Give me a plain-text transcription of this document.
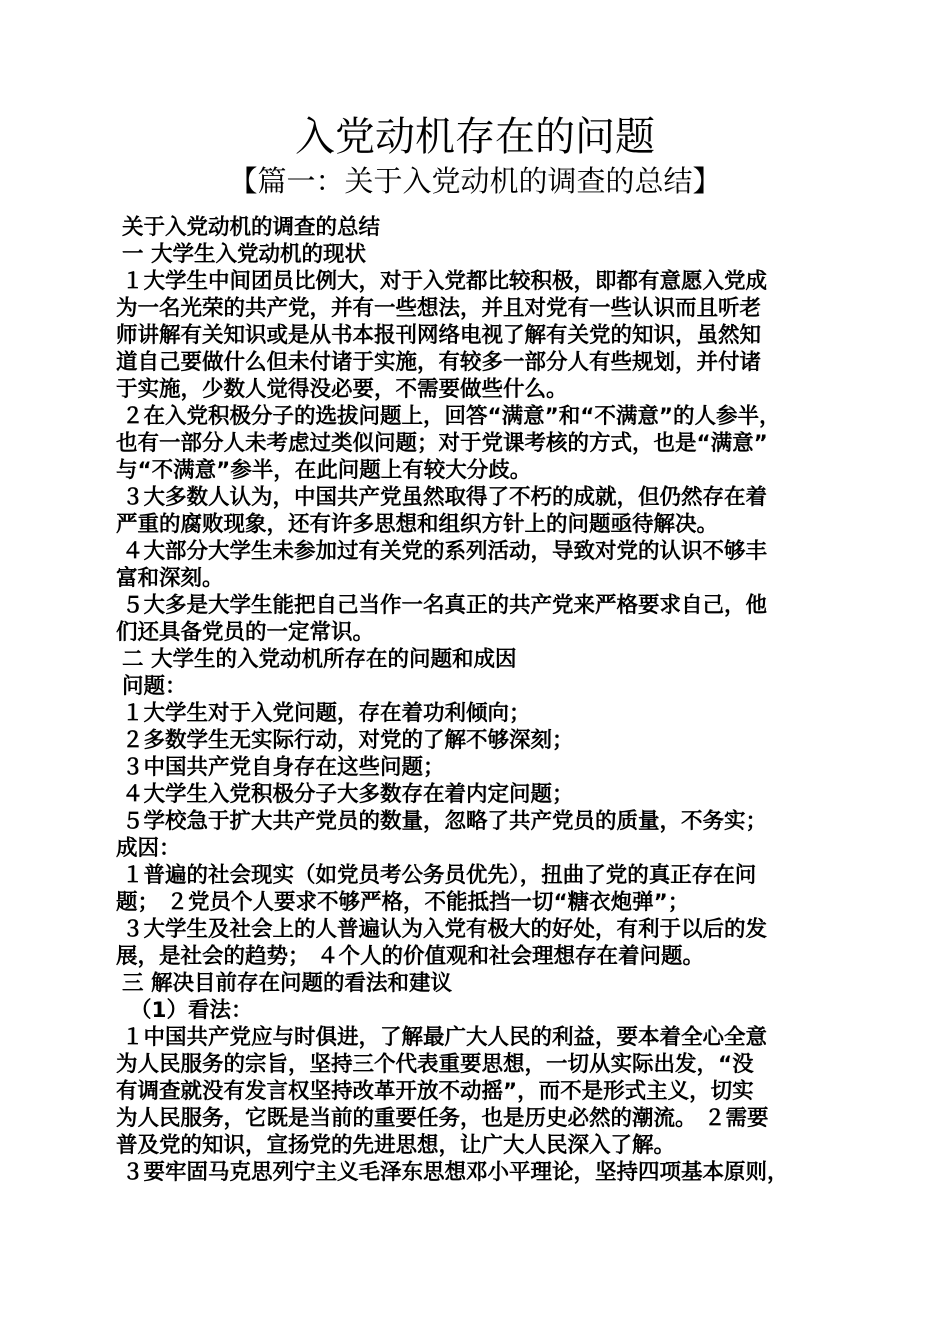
入党动机存在的问题
【篇一：关于入党动机的调查的总结】
关于入党动机的调查的总结
一 大学生入党动机的现状
１大学生中间团员比例大，对于入党都比较积极，即都有意愿入党成
为一名光荣的共产党，并有一些想法，并且对党有一些认识而且听老
师讲解有关知识或是从书本报刊网络电视了解有关党的知识，虽然知
道自己要做什么但未付诸于实施，有较多一部分人有些规划，并付诸
于实施，少数人觉得没必要，不需要做些什么。
２在入党积极分子的选拔问题上，回答“满意”和“不满意”的人参半，
也有一部分人未考虑过类似问题；对于党课考核的方式，也是“满意”
与“不满意”参半，在此问题上有较大分歧。
３大多数人认为，中国共产党虽然取得了不朽的成就，但仍然存在着
严重的腐败现象，还有许多思想和组织方针上的问题亟待解决。
４大部分大学生未参加过有关党的系列活动，导致对党的认识不够丰
富和深刻。
５大多是大学生能把自己当作一名真正的共产党来严格要求自己，他
们还具备党员的一定常识。
二 大学生的入党动机所存在的问题和成因
问题：
１大学生对于入党问题，存在着功利倾向；
２多数学生无实际行动，对党的了解不够深刻；
３中国共产党自身存在这些问题；
４大学生入党积极分子大多数存在着内定问题；
５学校急于扩大共产党员的数量，忽略了共产党员的质量，不务实；
成因：
１普遍的社会现实（如党员考公务员优先），扭曲了党的真正存在问
题； ２党员个人要求不够严格，不能抵挡一切“糖衣炮弹”；
３大学生及社会上的人普遍认为入党有极大的好处，有利于以后的发
展，是社会的趋势； ４个人的价值观和社会理想存在着问题。
三 解决目前存在问题的看法和建议
（1）看法：
１中国共产党应与时俱进，了解最广大人民的利益，要本着全心全意
为人民服务的宗旨，坚持三个代表重要思想，一切从实际出发，“没
有调查就没有发言权坚持改革开放不动摇”，而不是形式主义，切实
为人民服务，它既是当前的重要任务，也是历史必然的潮流。 ２需要
普及党的知识，宣扬党的先进思想，让广大人民深入了解。
３要牢固马克思列宁主义毛泽东思想邓小平理论，坚持四项基本原则，
